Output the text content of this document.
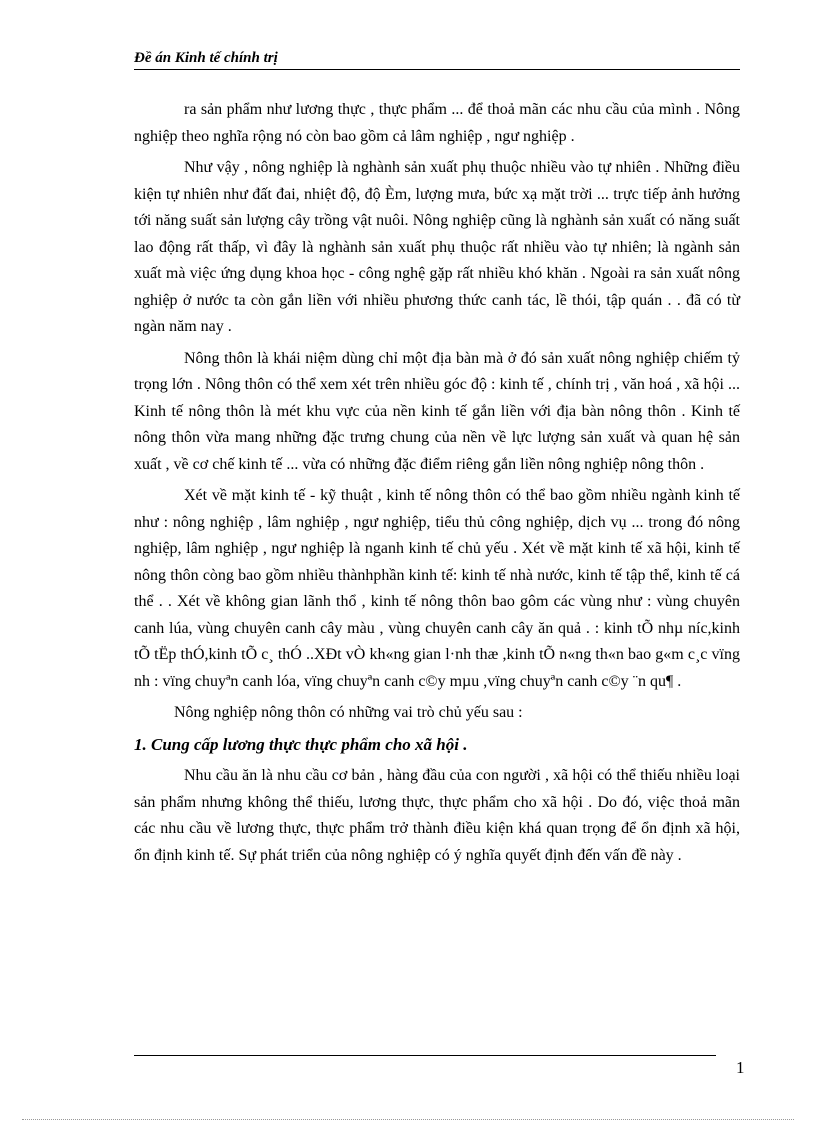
Đề án Kinh tế chính trị

ra sản phẩm như lương thực , thực phẩm ... để thoả mãn các nhu cầu của mình . Nông nghiệp theo nghĩa rộng nó còn bao gồm cả lâm nghiệp , ngư nghiệp .

Như vậy , nông nghiệp là nghành sản xuất phụ thuộc nhiều vào tự nhiên . Những điều kiện tự nhiên như đất đai, nhiệt độ, độ Èm, lượng mưa, bức xạ mặt trời ... trực tiếp ảnh hưởng tới năng suất sản lượng cây trồng vật nuôi. Nông nghiệp cũng là nghành sản xuất có năng suất lao động rất thấp, vì đây là nghành sản xuất phụ thuộc rất nhiều vào tự nhiên; là ngành sản xuất mà việc ứng dụng khoa học - công nghệ gặp rất nhiều khó khăn . Ngoài ra sản xuất nông nghiệp ở nước ta còn gắn liền với nhiều phương thức canh tác, lề thói, tập quán . . đã có từ ngàn năm nay .

Nông thôn là khái niệm dùng chỉ một địa bàn mà ở đó sản xuất nông nghiệp chiếm tỷ trọng lớn . Nông thôn có thể xem xét trên nhiều góc độ : kinh tế , chính trị , văn hoá , xã hội ... Kinh tế nông thôn là mét khu vực của nền kinh tế gắn liền với địa bàn nông thôn . Kinh tế nông thôn vừa mang những đặc trưng chung của nền về lực lượng sản xuất và quan hệ sản xuất , về cơ chế kinh tế ... vừa có những đặc điểm riêng gắn liền nông nghiệp nông thôn .

Xét về mặt kinh tế - kỹ thuật , kinh tế nông thôn có thể bao gồm nhiều ngành kinh tế như : nông nghiệp , lâm nghiệp , ngư nghiệp, tiểu thủ công nghiệp, dịch vụ ... trong đó nông nghiệp, lâm nghiệp , ngư nghiệp là nganh kinh tế chủ yếu . Xét về mặt kinh tế xã hội, kinh tế nông thôn còng bao gồm nhiều thànhphần kinh tế: kinh tế nhà nước, kinh tế tập thể, kinh tế cá thể . . Xét về không gian lãnh thổ , kinh tế nông thôn bao gôm các vùng như : vùng chuyên canh lúa, vùng chuyên canh cây màu , vùng chuyên canh cây ăn quả . : kinh tÕ nhµ níc,kinh tÕ tËp thÓ,kinh tÕ c¸ thÓ ..XÐt vÒ kh«ng gian l·nh thæ ,kinh tÕ n«ng th«n bao g«m c¸c vïng nh : vïng chuyªn canh lóa, vïng chuyªn canh c©y mµu ,vïng chuyªn canh c©y ¨n qu¶ .

Nông nghiệp nông thôn có những vai trò chủ yếu sau :

1. Cung cấp lương thực thực phẩm cho xã hội .

Nhu cầu ăn là nhu cầu cơ bản , hàng đầu của con người , xã hội có thể thiếu nhiều loại sản phẩm nhưng không thể thiếu, lương thực, thực phẩm cho xã hội . Do đó, việc thoả mãn các nhu cầu về lương thực, thực phẩm trở thành điều kiện khá quan trọng để ổn định xã hội, ổn định kinh tế. Sự phát triển của nông nghiệp có ý nghĩa quyết định đến vấn đề này .

1
